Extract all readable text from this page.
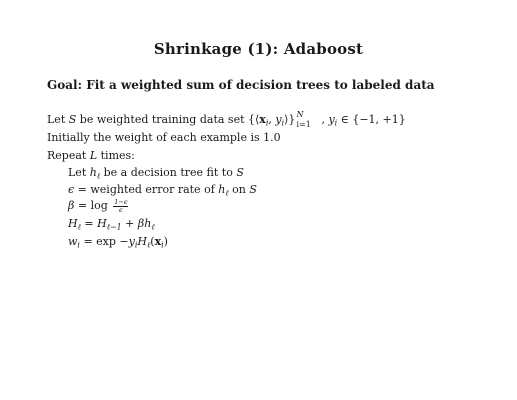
Shrinkage (1): Adaboost
Goal: Fit a weighted sum of decision trees to labeled data
Let S be weighted training data set {$⟨x_i$, $y_i⟩$} N
i=1 , $y_i$ ∈ {−1, +1}
Initially the weight of each example is 1.0
Repeat L times:
Let $h_\ell$ be a decision tree fit to S
ϵ = weighted error rate of $h_\ell$ on S
$\beta = \log \frac{1-\epsilon}{\epsilon}$
$H_\ell = H_{\ell-1} + \beta h_\ell$
$w_i = \exp -y_iH_\ell(x_i)$
